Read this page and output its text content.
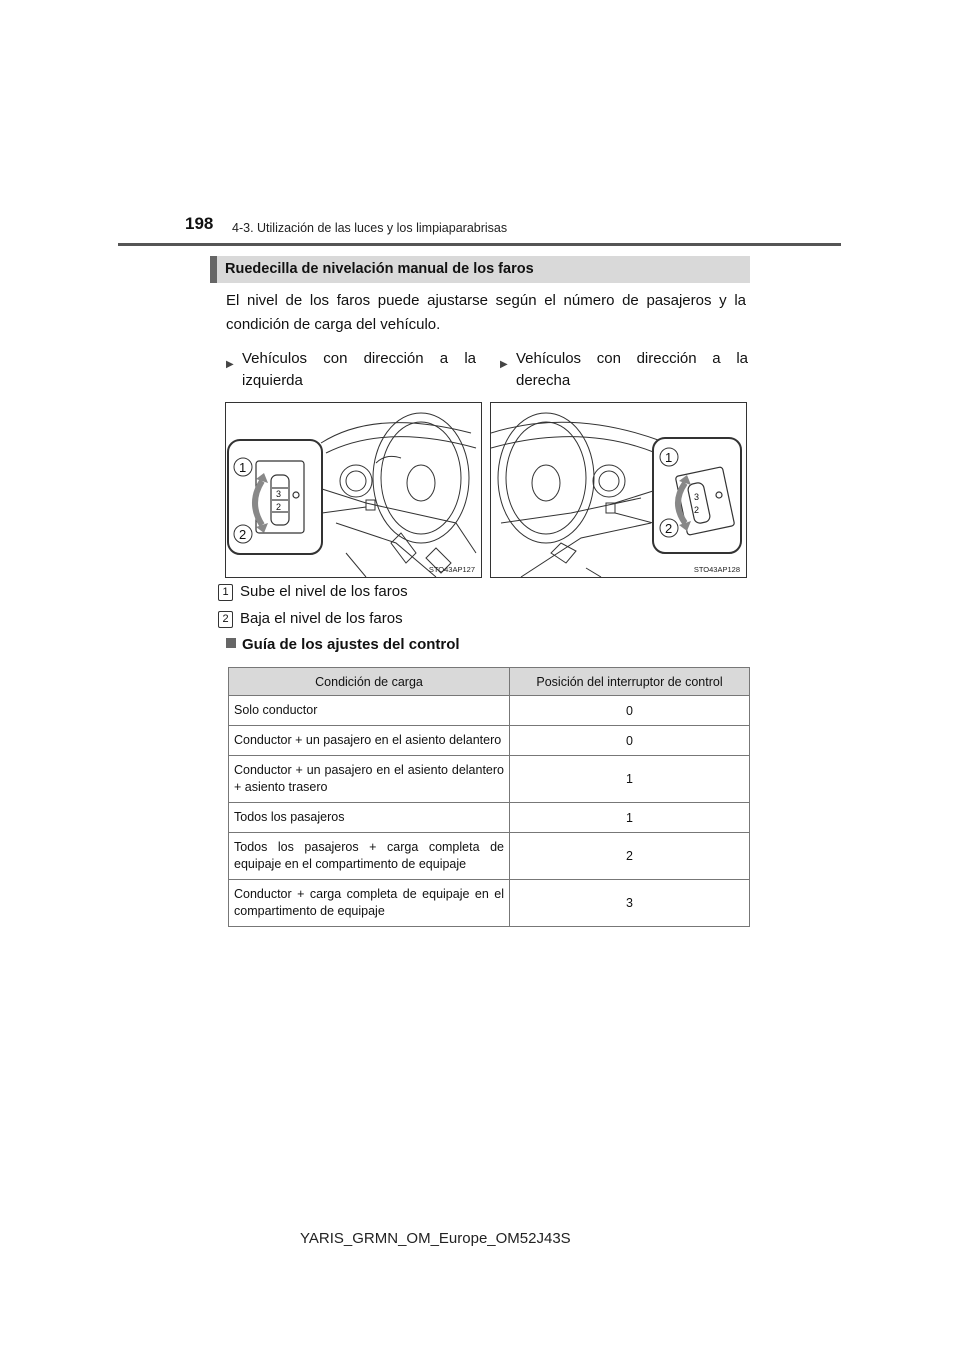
198 4-3. Utilización de las luces y los limpiaparabrisas
Ruedecilla de nivelación manual de los faros
El nivel de los faros puede ajustarse según el número de pasajeros y la condición de carga del vehículo.
▶ Vehículos con dirección a la izquierda
▶ Vehículos con dirección a la derecha
3
2
1
2
STO43AP127
3
2
1
2
STO43AP128
1 Sube el nivel de los faros
2 Baja el nivel de los faros
Guía de los ajustes del control
Condición de carga	Posición del interruptor de control
Solo conductor	0
Conductor + un pasajero en el asiento delantero	0
Conductor + un pasajero en el asiento delantero + asiento trasero	1
Todos los pasajeros	1
Todos los pasajeros + carga completa de equipaje en el compartimento de equipaje	2
Conductor + carga completa de equipaje en el compartimento de equipaje	3
YARIS_GRMN_OM_Europe_OM52J43S
